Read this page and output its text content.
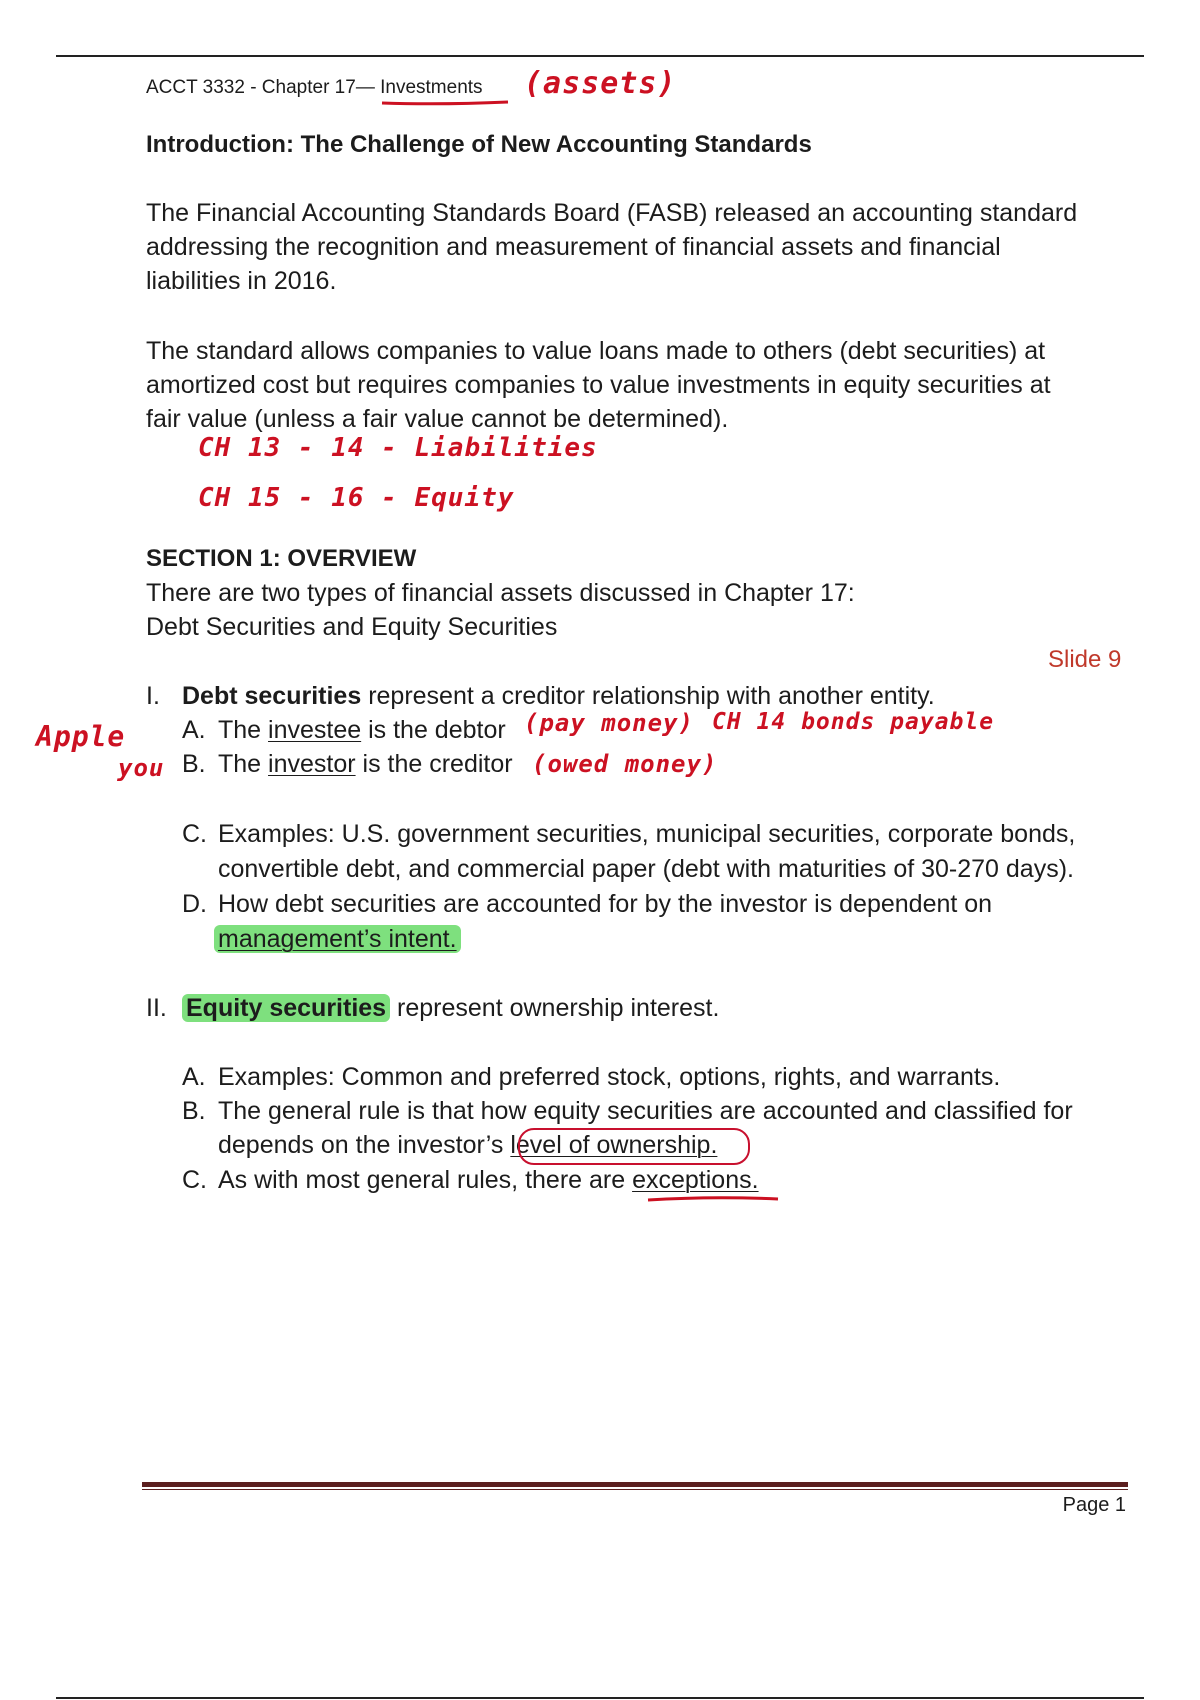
ACCT 3332 - Chapter 17— Investments (assets)
Introduction: The Challenge of New Accounting Standards
The Financial Accounting Standards Board (FASB) released an accounting standard
addressing the recognition and measurement of financial assets and financial
liabilities in 2016.
The standard allows companies to value loans made to others (debt securities) at
amortized cost but requires companies to value investments in equity securities at
fair value (unless a fair value cannot be determined).
CH 13 - 14 - Liabilities
CH 15 - 16 - Equity
SECTION 1: OVERVIEW
There are two types of financial assets discussed in Chapter 17:
Debt Securities and Equity Securities
Slide 9
I. Debt securities represent a creditor relationship with another entity.
Apple A. The investee is the debtor (pay money) CH 14 bonds payable
you B. The investor is the creditor (owed money)
C. Examples: U.S. government securities, municipal securities, corporate bonds,
convertible debt, and commercial paper (debt with maturities of 30-270 days).
D. How debt securities are accounted for by the investor is dependent on
management’s intent.
II. Equity securities represent ownership interest.
A. Examples: Common and preferred stock, options, rights, and warrants.
B. The general rule is that how equity securities are accounted and classified for
depends on the investor’s level of ownership.
C. As with most general rules, there are exceptions.
Page 1
